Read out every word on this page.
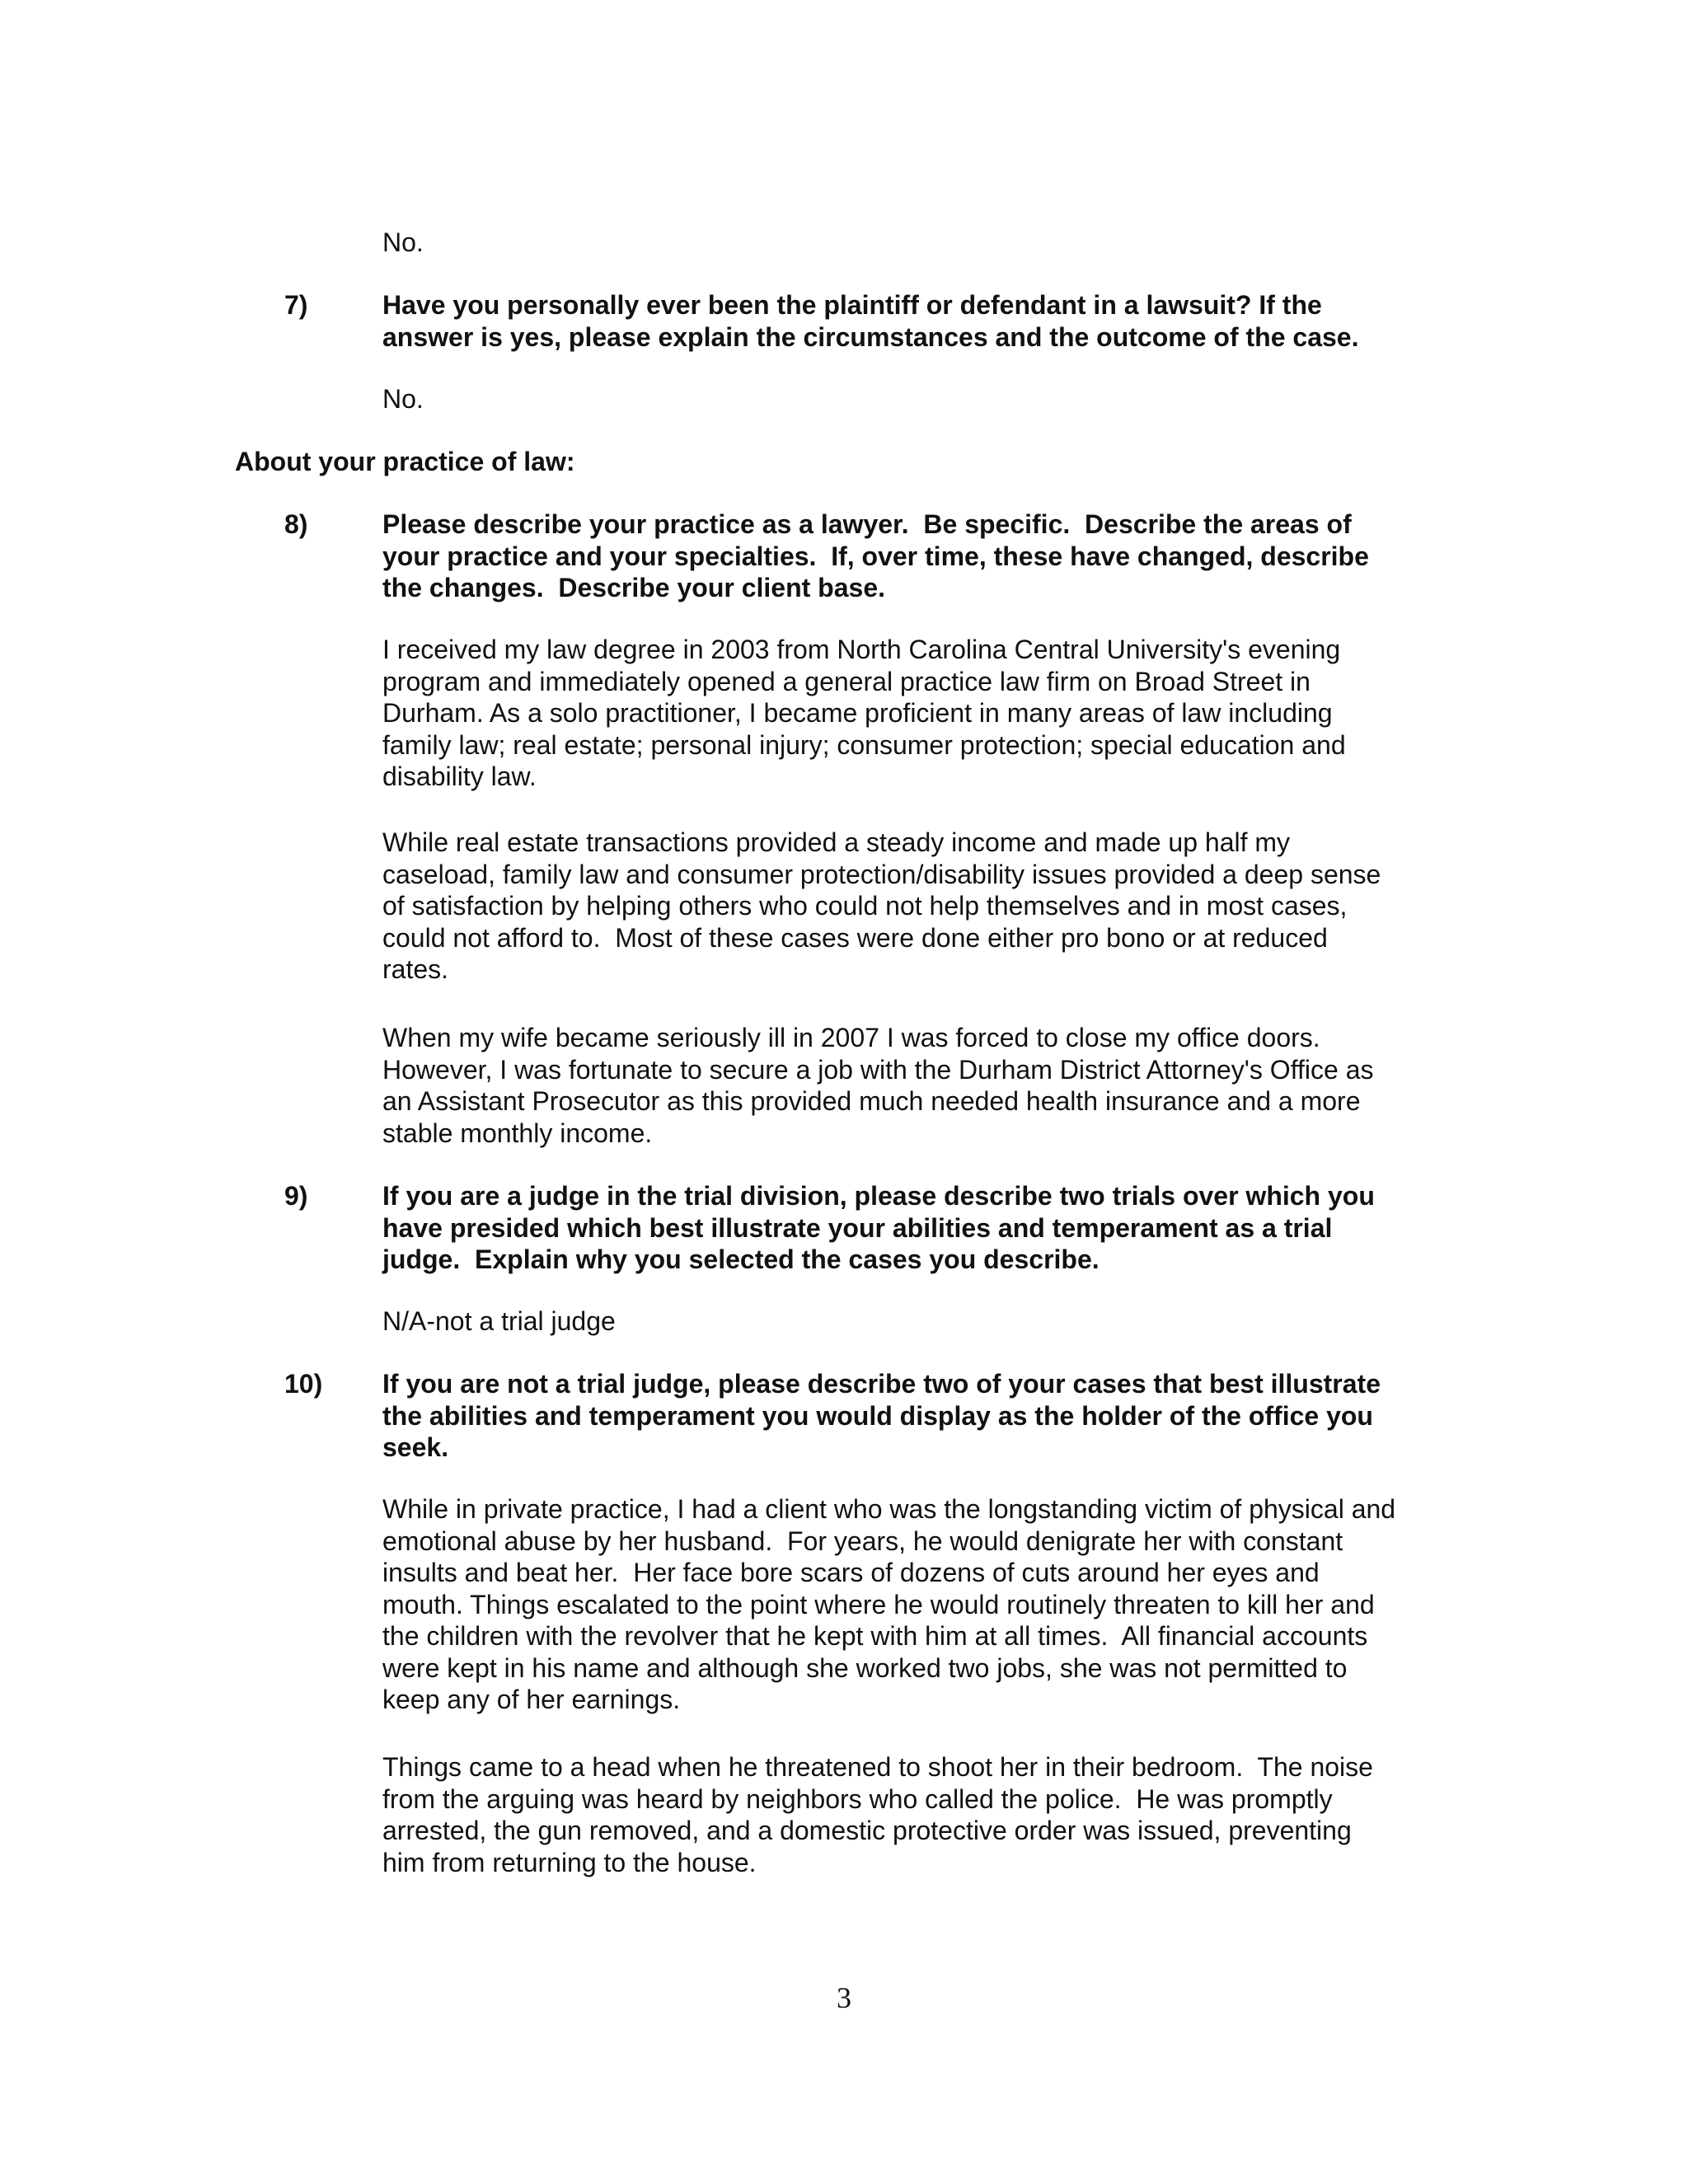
No.
7)	Have you personally ever been the plaintiff or defendant in a lawsuit? If the
answer is yes, please explain the circumstances and the outcome of the case.
No.
About your practice of law:
8)	Please describe your practice as a lawyer.  Be specific.  Describe the areas of
your practice and your specialties.  If, over time, these have changed, describe
the changes.  Describe your client base.
I received my law degree in 2003 from North Carolina Central University's evening
program and immediately opened a general practice law firm on Broad Street in
Durham. As a solo practitioner, I became proficient in many areas of law including
family law; real estate; personal injury; consumer protection; special education and
disability law.
While real estate transactions provided a steady income and made up half my
caseload, family law and consumer protection/disability issues provided a deep sense
of satisfaction by helping others who could not help themselves and in most cases,
could not afford to.  Most of these cases were done either pro bono or at reduced
rates.
When my wife became seriously ill in 2007 I was forced to close my office doors.
However, I was fortunate to secure a job with the Durham District Attorney's Office as
an Assistant Prosecutor as this provided much needed health insurance and a more
stable monthly income.
9)	If you are a judge in the trial division, please describe two trials over which you
have presided which best illustrate your abilities and temperament as a trial
judge.  Explain why you selected the cases you describe.
N/A-not a trial judge
10) If you are not a trial judge, please describe two of your cases that best illustrate
the abilities and temperament you would display as the holder of the office you
seek.
While in private practice, I had a client who was the longstanding victim of physical and
emotional abuse by her husband.  For years, he would denigrate her with constant
insults and beat her.  Her face bore scars of dozens of cuts around her eyes and
mouth. Things escalated to the point where he would routinely threaten to kill her and
the children with the revolver that he kept with him at all times.  All financial accounts
were kept in his name and although she worked two jobs, she was not permitted to
keep any of her earnings.
Things came to a head when he threatened to shoot her in their bedroom.  The noise
from the arguing was heard by neighbors who called the police.  He was promptly
arrested, the gun removed, and a domestic protective order was issued, preventing
him from returning to the house.
3
